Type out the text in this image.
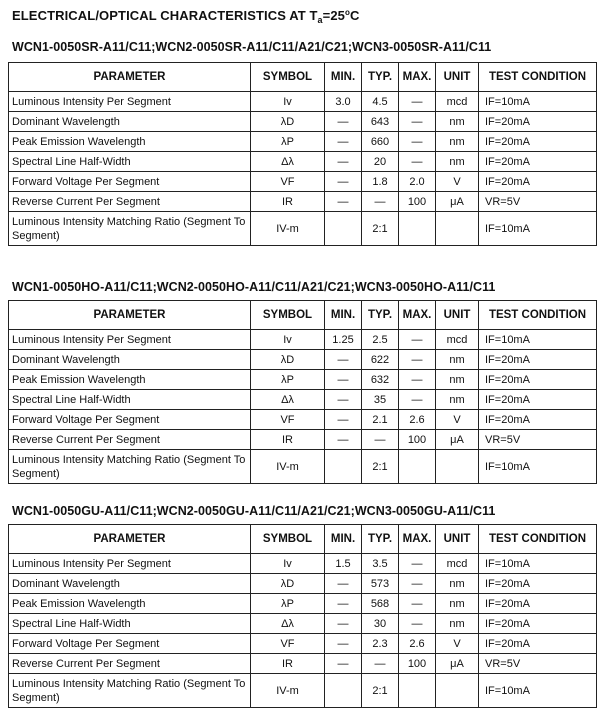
ELECTRICAL/OPTICAL CHARACTERISTICS AT $T_a=25^oC$
WCN1-0050SR-A11/C11;WCN2-0050SR-A11/C11/A21/C21;WCN3-0050SR-A11/C11
PARAMETER	SYMBOL	MIN.	TYP.	MAX.	UNIT	TEST CONDITION
Luminous Intensity Per Segment	Iv	3.0	4.5	—	mcd	IF=10mA
Dominant Wavelength	λD	—	643	—	nm	IF=20mA
Peak Emission Wavelength	λP	—	660	—	nm	IF=20mA
Spectral Line Half-Width	Δλ	—	20	—	nm	IF=20mA
Forward Voltage Per Segment	VF	—	1.8	2.0	V	IF=20mA
Reverse Current Per Segment	IR	—	—	100	μA	VR=5V
Luminous Intensity Matching Ratio (Segment To Segment)	IV-m		2:1			IF=10mA
WCN1-0050HO-A11/C11;WCN2-0050HO-A11/C11/A21/C21;WCN3-0050HO-A11/C11
PARAMETER	SYMBOL	MIN.	TYP.	MAX.	UNIT	TEST CONDITION
Luminous Intensity Per Segment	Iv	1.25	2.5	—	mcd	IF=10mA
Dominant Wavelength	λD	—	622	—	nm	IF=20mA
Peak Emission Wavelength	λP	—	632	—	nm	IF=20mA
Spectral Line Half-Width	Δλ	—	35	—	nm	IF=20mA
Forward Voltage Per Segment	VF	—	2.1	2.6	V	IF=20mA
Reverse Current Per Segment	IR	—	—	100	μA	VR=5V
Luminous Intensity Matching Ratio (Segment To Segment)	IV-m		2:1			IF=10mA
WCN1-0050GU-A11/C11;WCN2-0050GU-A11/C11/A21/C21;WCN3-0050GU-A11/C11
PARAMETER	SYMBOL	MIN.	TYP.	MAX.	UNIT	TEST CONDITION
Luminous Intensity Per Segment	Iv	1.5	3.5	—	mcd	IF=10mA
Dominant Wavelength	λD	—	573	—	nm	IF=20mA
Peak Emission Wavelength	λP	—	568	—	nm	IF=20mA
Spectral Line Half-Width	Δλ	—	30	—	nm	IF=20mA
Forward Voltage Per Segment	VF	—	2.3	2.6	V	IF=20mA
Reverse Current Per Segment	IR	—	—	100	μA	VR=5V
Luminous Intensity Matching Ratio (Segment To Segment)	IV-m		2:1			IF=10mA
